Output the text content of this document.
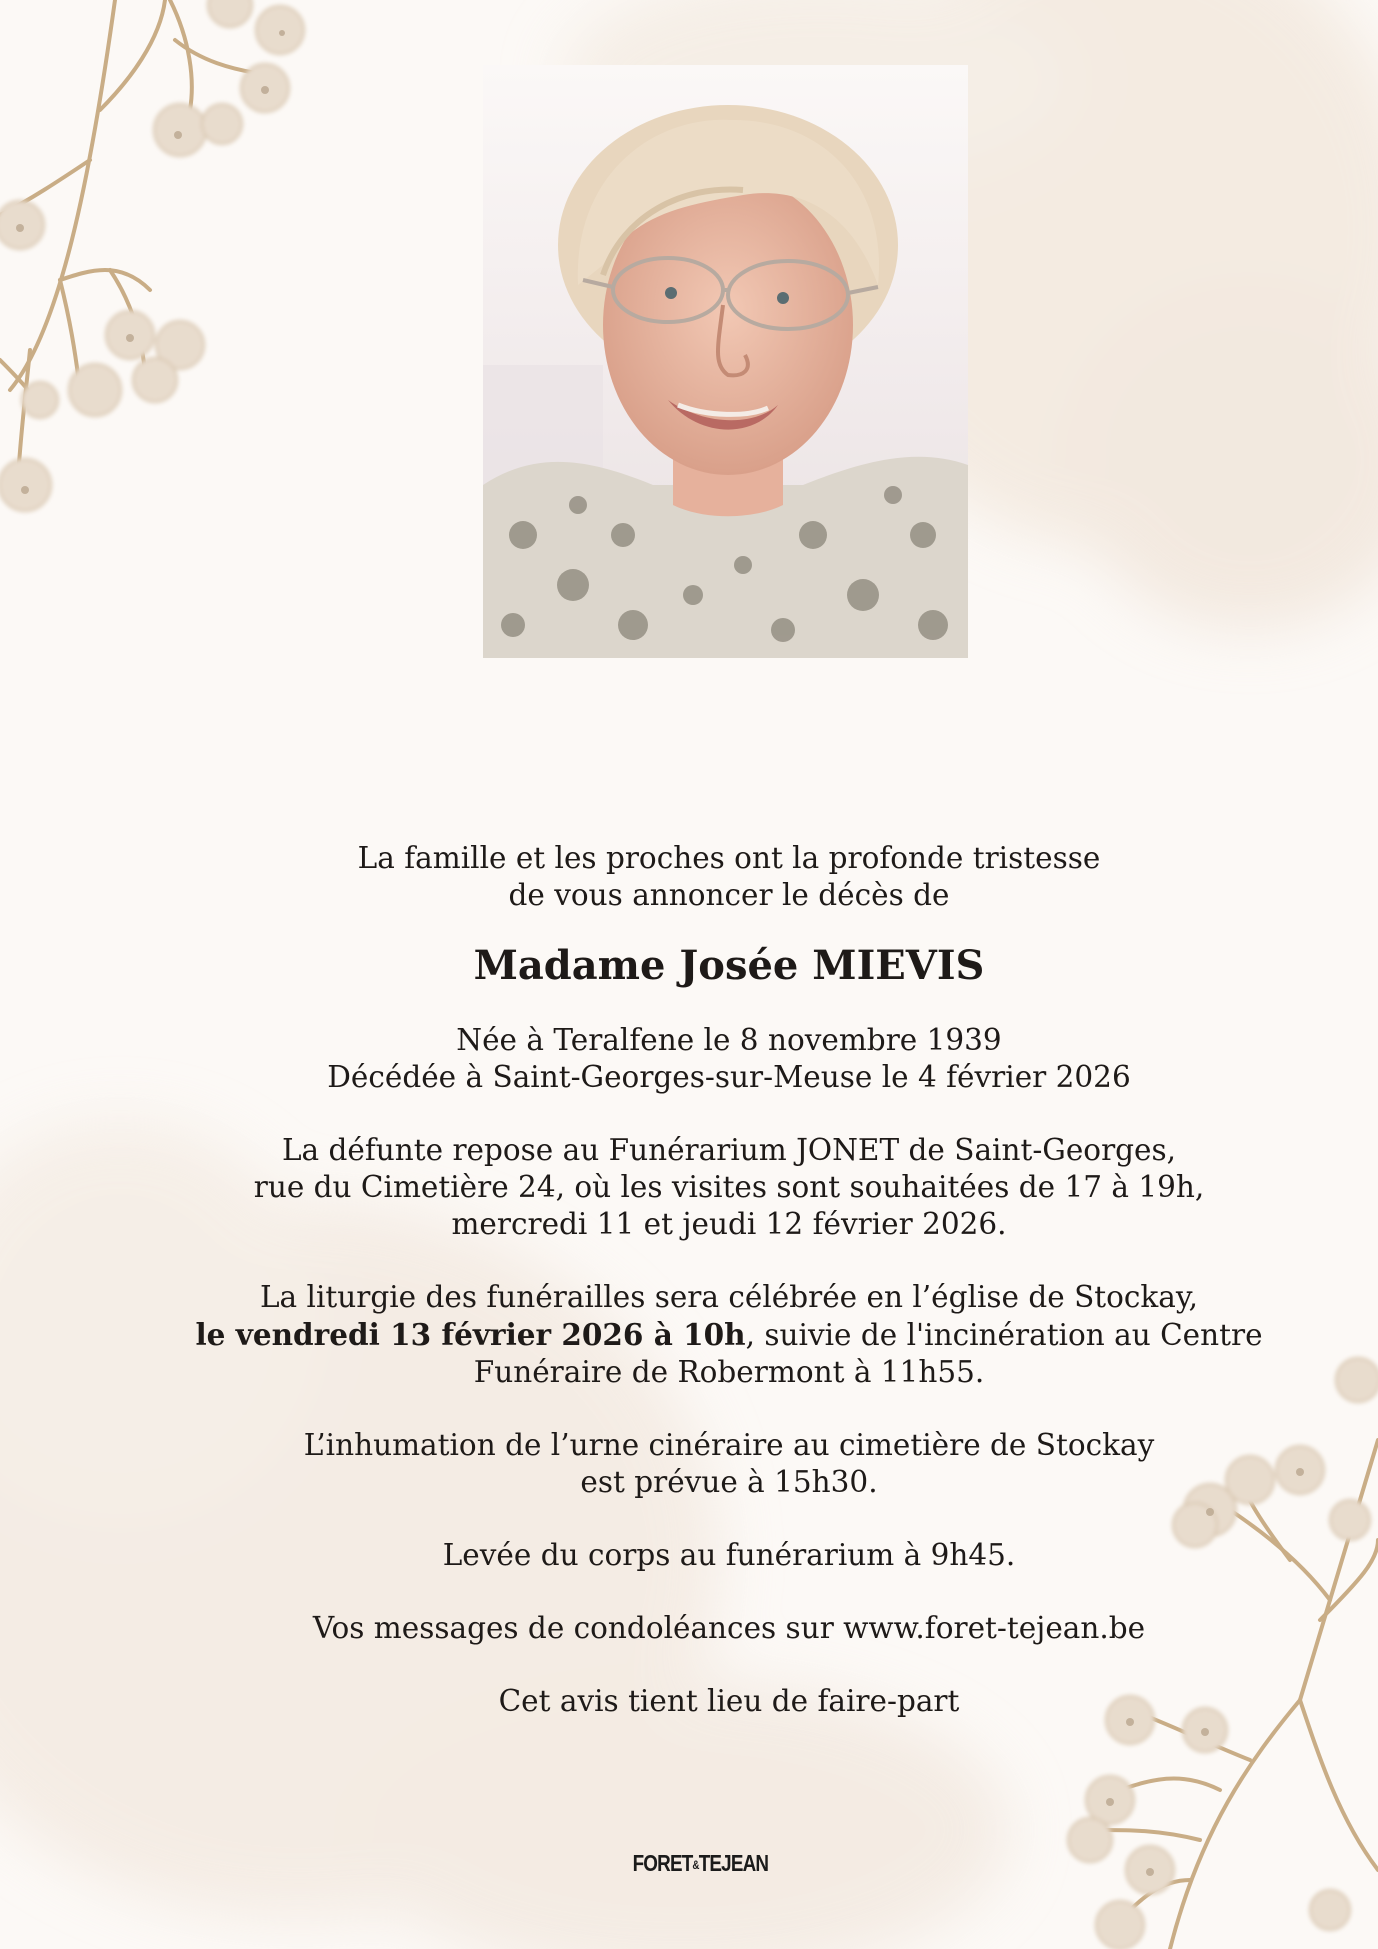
La famille et les proches ont la profonde tristesse
de vous annoncer le décès de

Madame Josée MIEVIS

Née à Teralfene le 8 novembre 1939
Décédée à Saint-Georges-sur-Meuse le 4 février 2026

La défunte repose au Funérarium JONET de Saint-Georges,
rue du Cimetière 24, où les visites sont souhaitées de 17 à 19h,
mercredi 11 et jeudi 12 février 2026.

La liturgie des funérailles sera célébrée en l’église de Stockay,
le vendredi 13 février 2026 à 10h, suivie de l'incinération au Centre
Funéraire de Robermont à 11h55.

L’inhumation de l’urne cinéraire au cimetière de Stockay
est prévue à 15h30.

Levée du corps au funérarium à 9h45.

Vos messages de condoléances sur www.foret-tejean.be

Cet avis tient lieu de faire-part

FORET&TEJEAN
